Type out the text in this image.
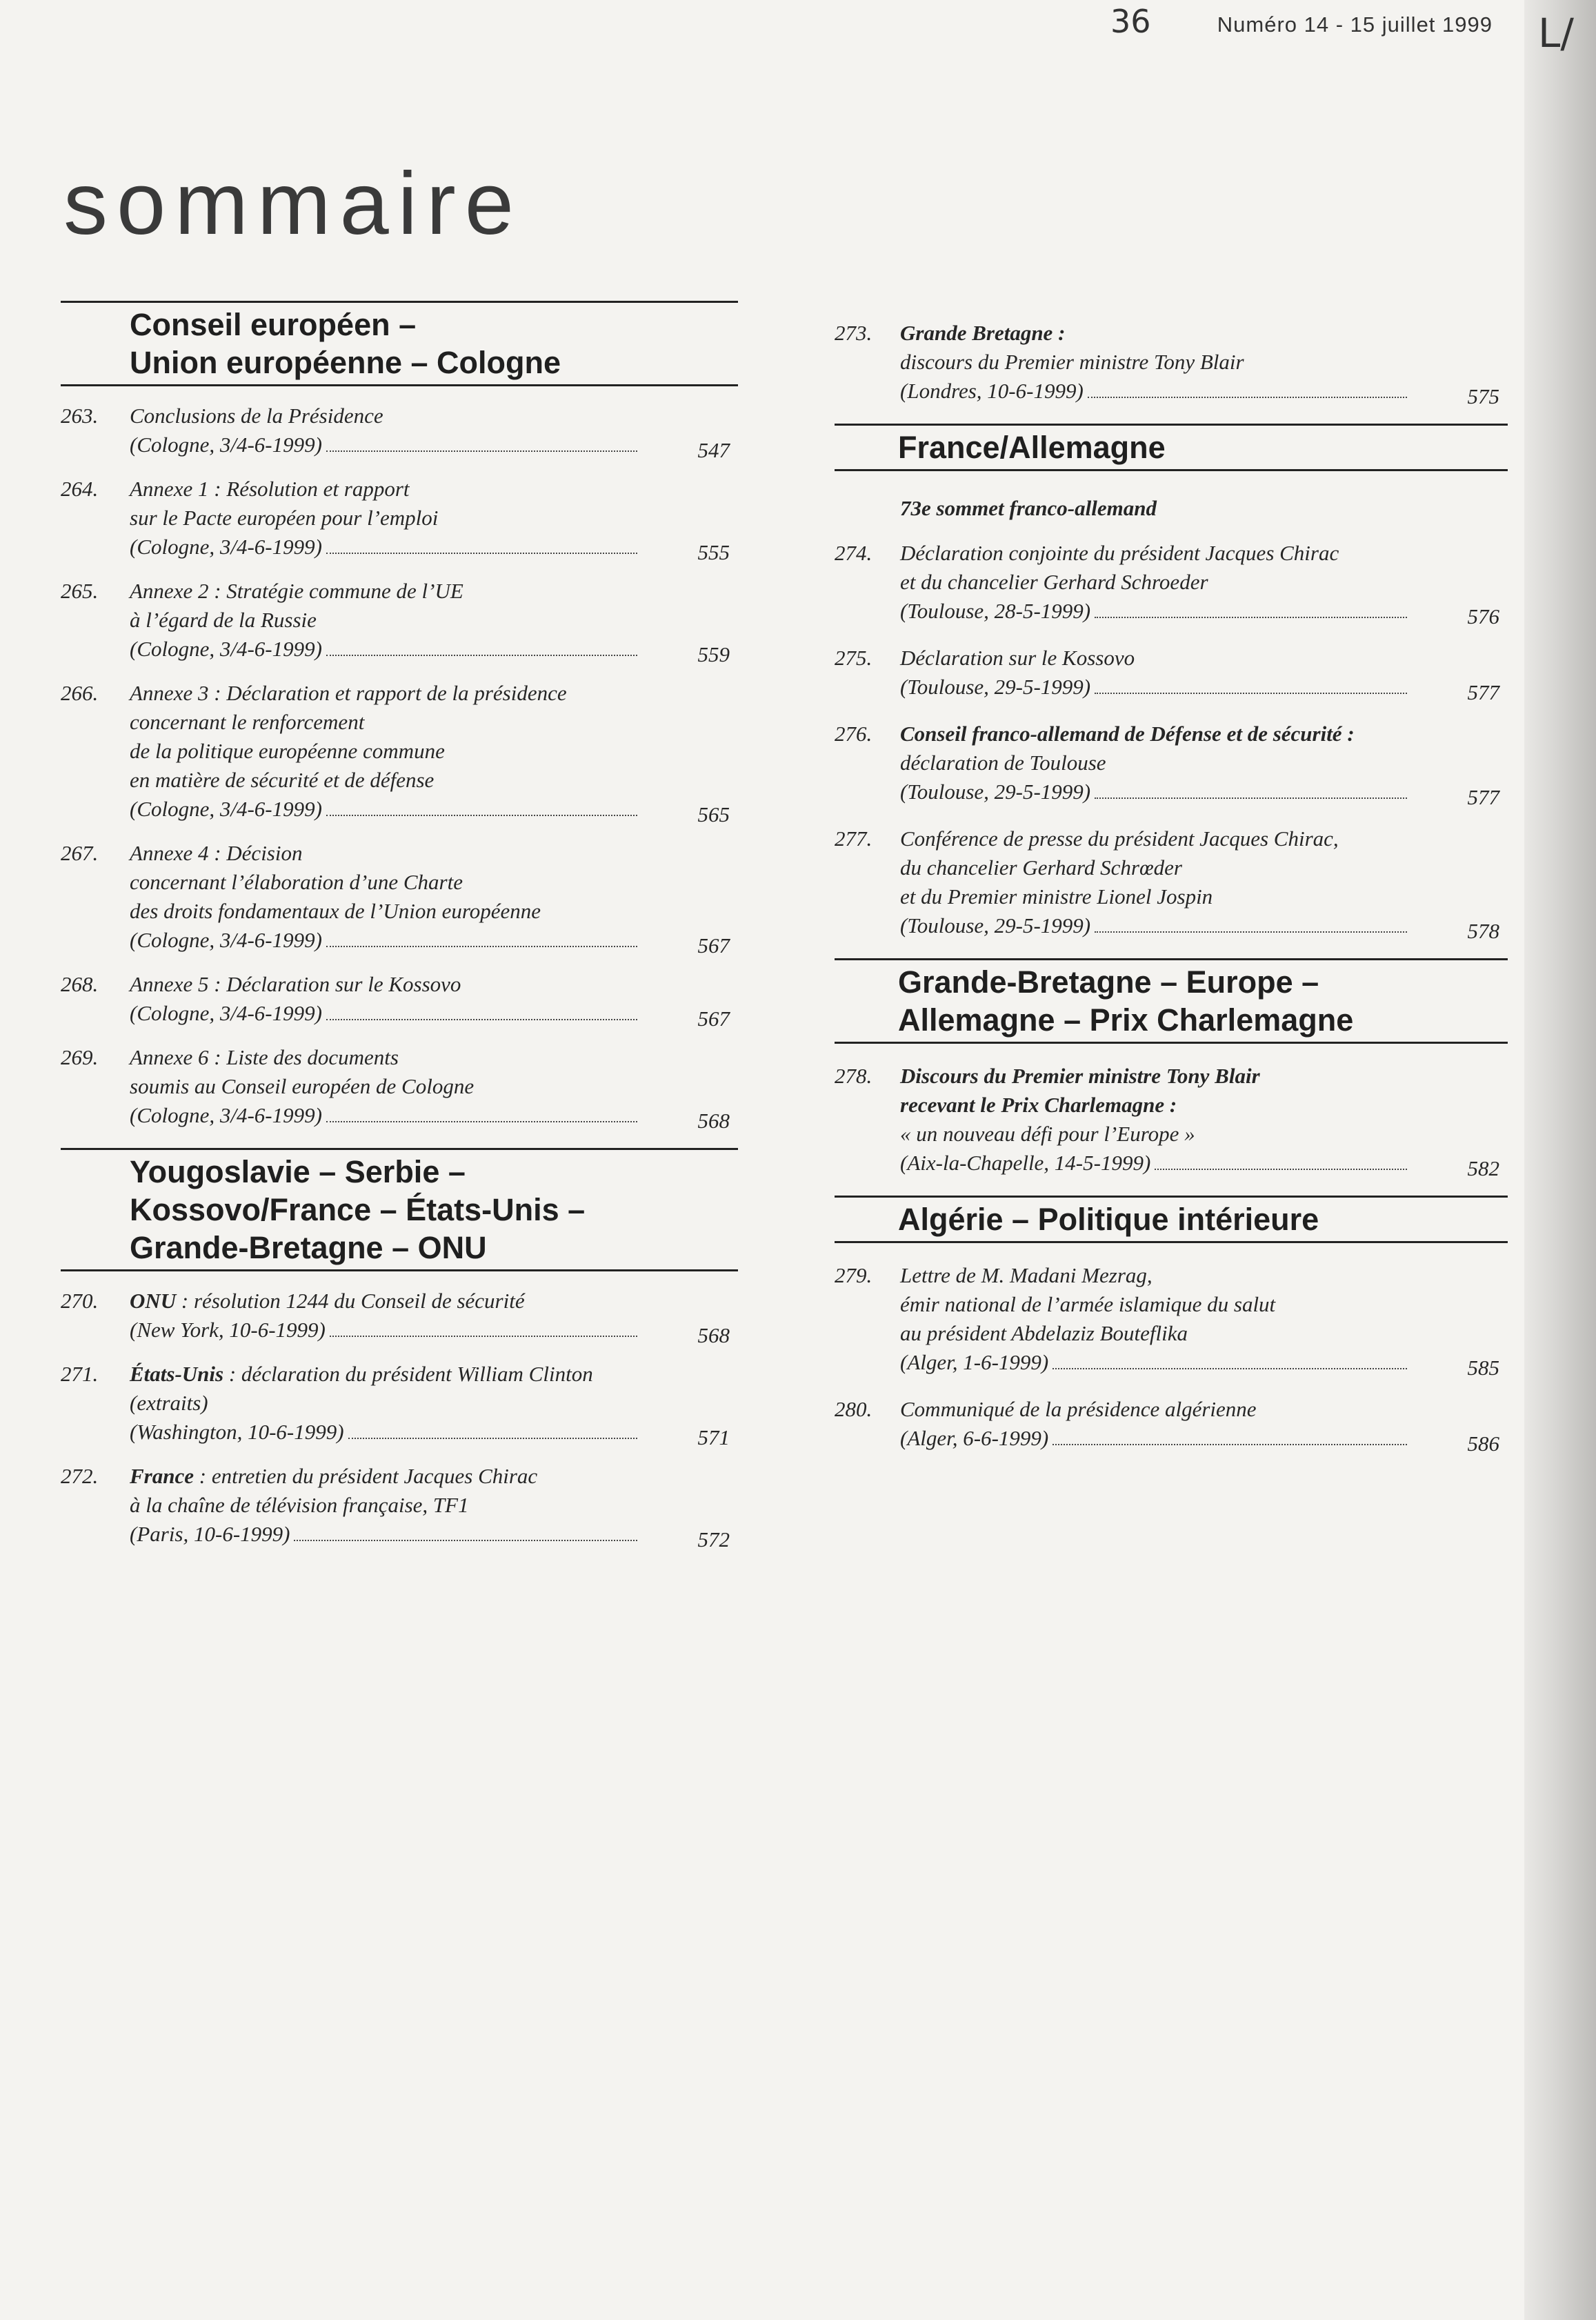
36	Numéro 14 - 15 juillet 1999 L/
sommaire
Conseil européen –
Union européenne – Cologne
263. Conclusions de la Présidence
(Cologne, 3/4-6-1999)	547
264. Annexe 1 : Résolution et rapport
sur le Pacte européen pour l’emploi
(Cologne, 3/4-6-1999)	555
265. Annexe 2 : Stratégie commune de l’UE
à l’égard de la Russie
(Cologne, 3/4-6-1999)	559
266. Annexe 3 : Déclaration et rapport de la présidence
concernant le renforcement
de la politique européenne commune
en matière de sécurité et de défense
(Cologne, 3/4-6-1999)	565
267. Annexe 4 : Décision
concernant l’élaboration d’une Charte
des droits fondamentaux de l’Union européenne
(Cologne, 3/4-6-1999)	567
268. Annexe 5 : Déclaration sur le Kossovo
(Cologne, 3/4-6-1999)	567
269. Annexe 6 : Liste des documents
soumis au Conseil européen de Cologne
(Cologne, 3/4-6-1999)	568
Yougoslavie – Serbie –
Kossovo/France – États-Unis –
Grande-Bretagne – ONU
270. ONU : résolution 1244 du Conseil de sécurité
(New York, 10-6-1999)	568
271. États-Unis : déclaration du président William Clinton
(extraits)
(Washington, 10-6-1999)	571
272. France : entretien du président Jacques Chirac
à la chaîne de télévision française, TF1
(Paris, 10-6-1999)	572
273. Grande Bretagne :
discours du Premier ministre Tony Blair
(Londres, 10-6-1999)	575
France/Allemagne
73e sommet franco-allemand
274. Déclaration conjointe du président Jacques Chirac
et du chancelier Gerhard Schroeder
(Toulouse, 28-5-1999)	576
275. Déclaration sur le Kossovo
(Toulouse, 29-5-1999)	577
276. Conseil franco-allemand de Défense et de sécurité :
déclaration de Toulouse
(Toulouse, 29-5-1999)	577
277. Conférence de presse du président Jacques Chirac,
du chancelier Gerhard Schrœder
et du Premier ministre Lionel Jospin
(Toulouse, 29-5-1999)	578
Grande-Bretagne – Europe –
Allemagne – Prix Charlemagne
278. Discours du Premier ministre Tony Blair
recevant le Prix Charlemagne :
« un nouveau défi pour l’Europe »
(Aix-la-Chapelle, 14-5-1999)	582
Algérie – Politique intérieure
279. Lettre de M. Madani Mezrag,
émir national de l’armée islamique du salut
au président Abdelaziz Bouteflika
(Alger, 1-6-1999)	585
280. Communiqué de la présidence algérienne
(Alger, 6-6-1999)	586
